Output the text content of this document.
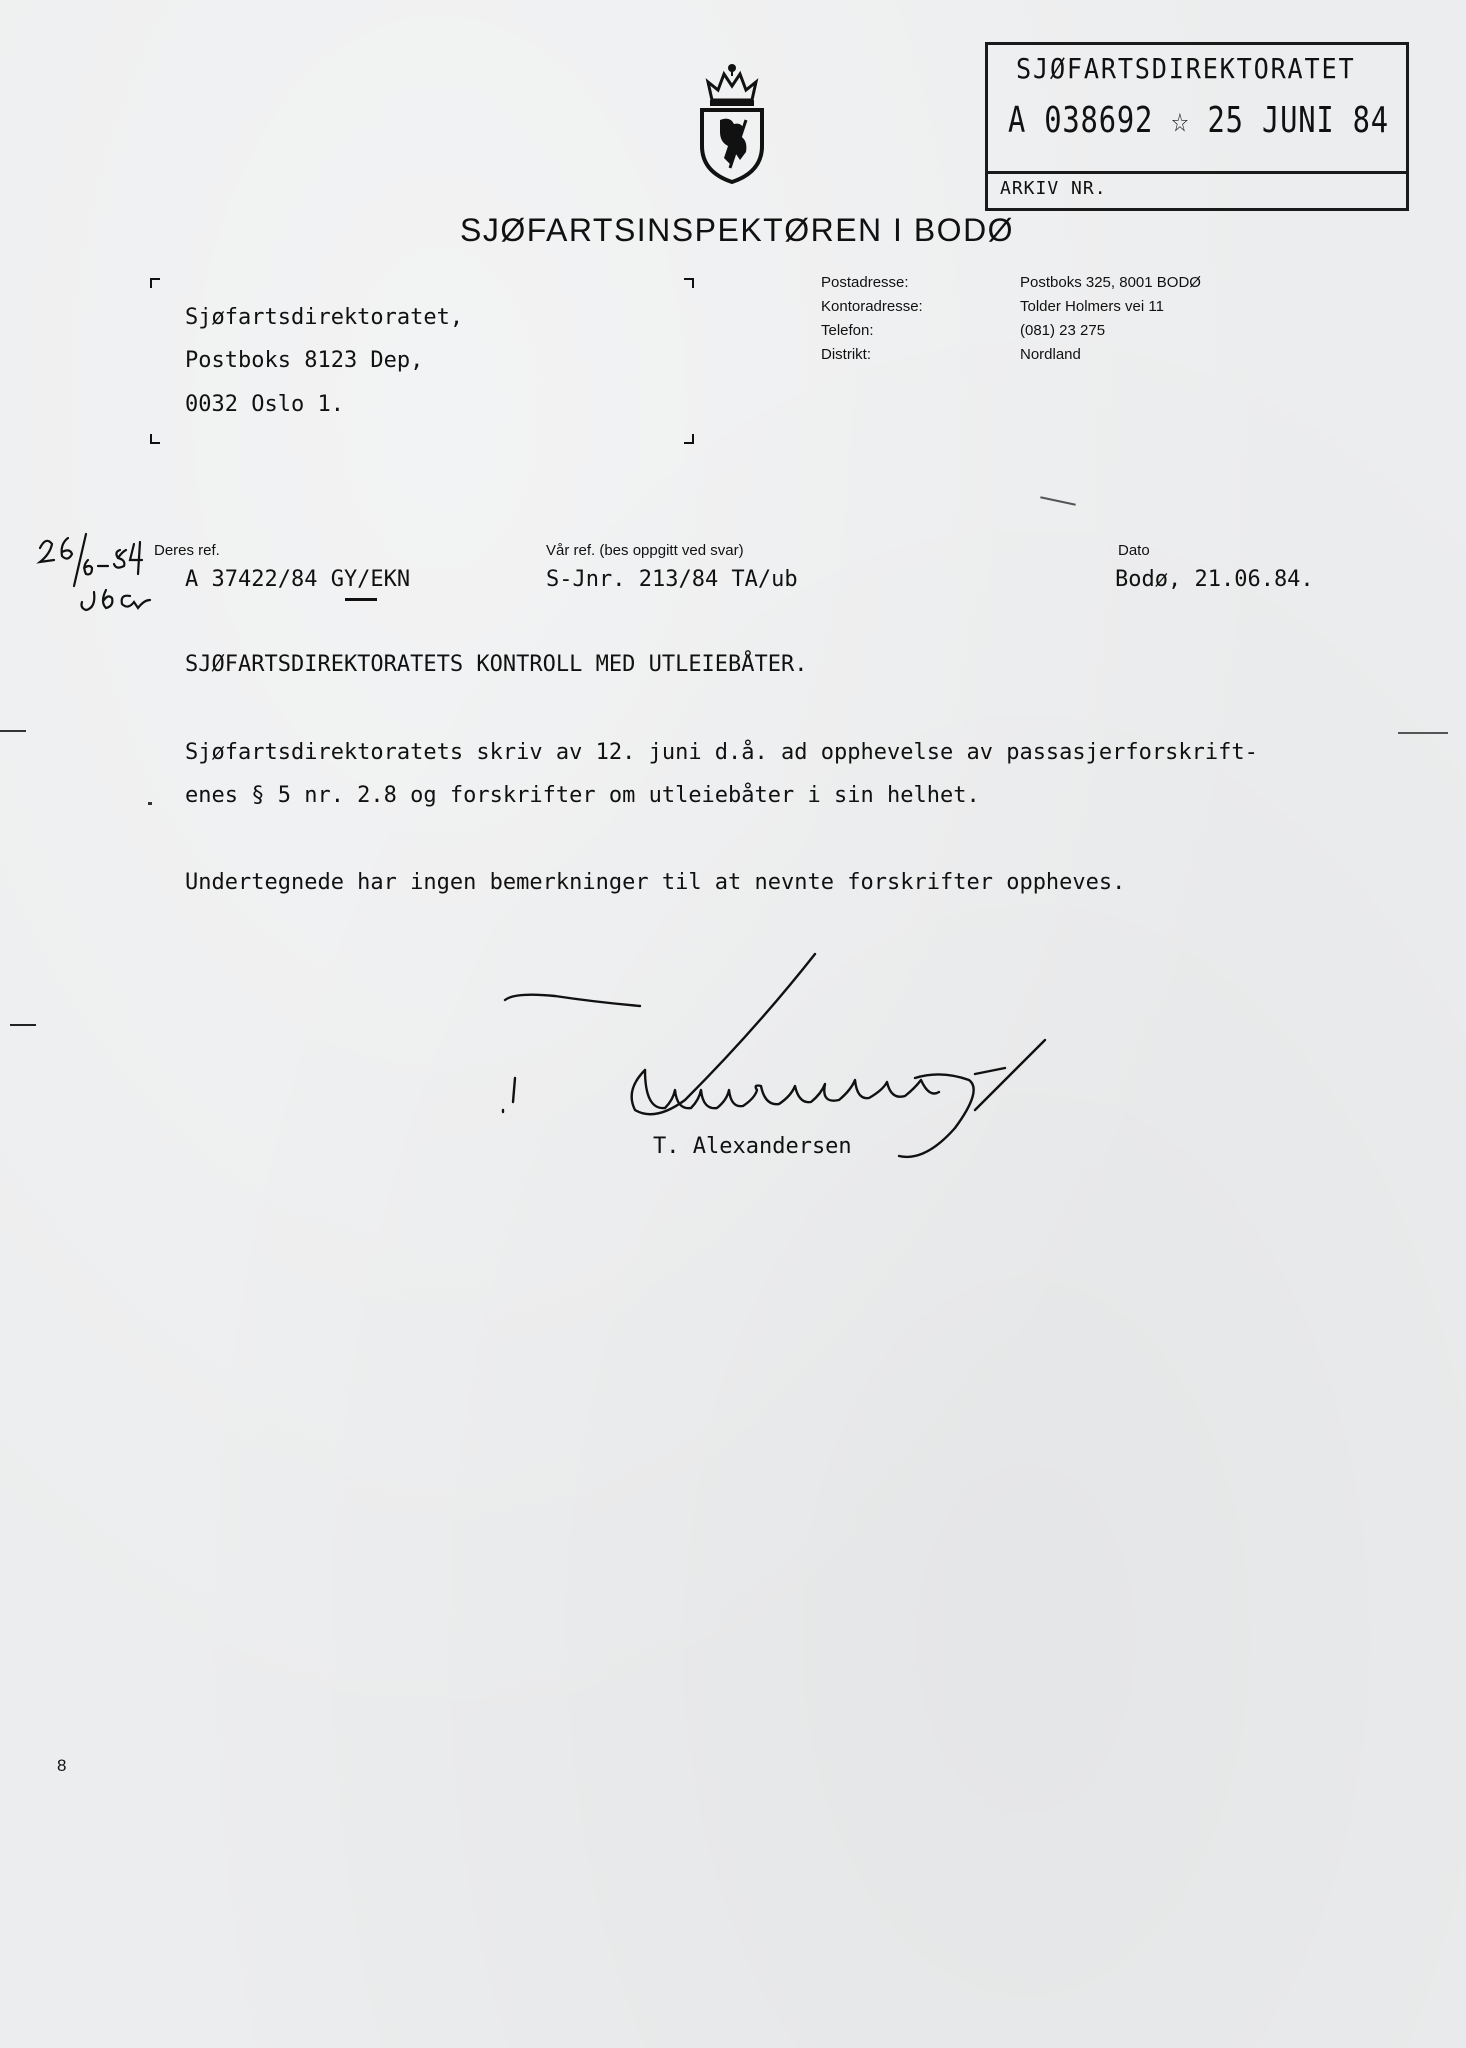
SJØFARTSDIREKTORATET
A 038692 ☆ 25 JUNI 84
ARKIV NR.
SJØFARTSINSPEKTØREN I BODØ
Sjøfartsdirektoratet,
Postboks 8123 Dep,
0032 Oslo 1.
Postadresse:	Postboks 325, 8001 BODØ
Kontoradresse:	Tolder Holmers vei 11
Telefon:	(081) 23 275
Distrikt:	Nordland
Deres ref.
A 37422/84 GY/EKN
Vår ref. (bes oppgitt ved svar)
S-Jnr. 213/84 TA/ub
Dato
Bodø, 21.06.84.
SJØFARTSDIREKTORATETS KONTROLL MED UTLEIEBÅTER.
Sjøfartsdirektoratets skriv av 12. juni d.å. ad opphevelse av passasjerforskrift-
enes § 5 nr. 2.8 og forskrifter om utleiebåter i sin helhet.
Undertegnede har ingen bemerkninger til at nevnte forskrifter oppheves.
T. Alexandersen
8
